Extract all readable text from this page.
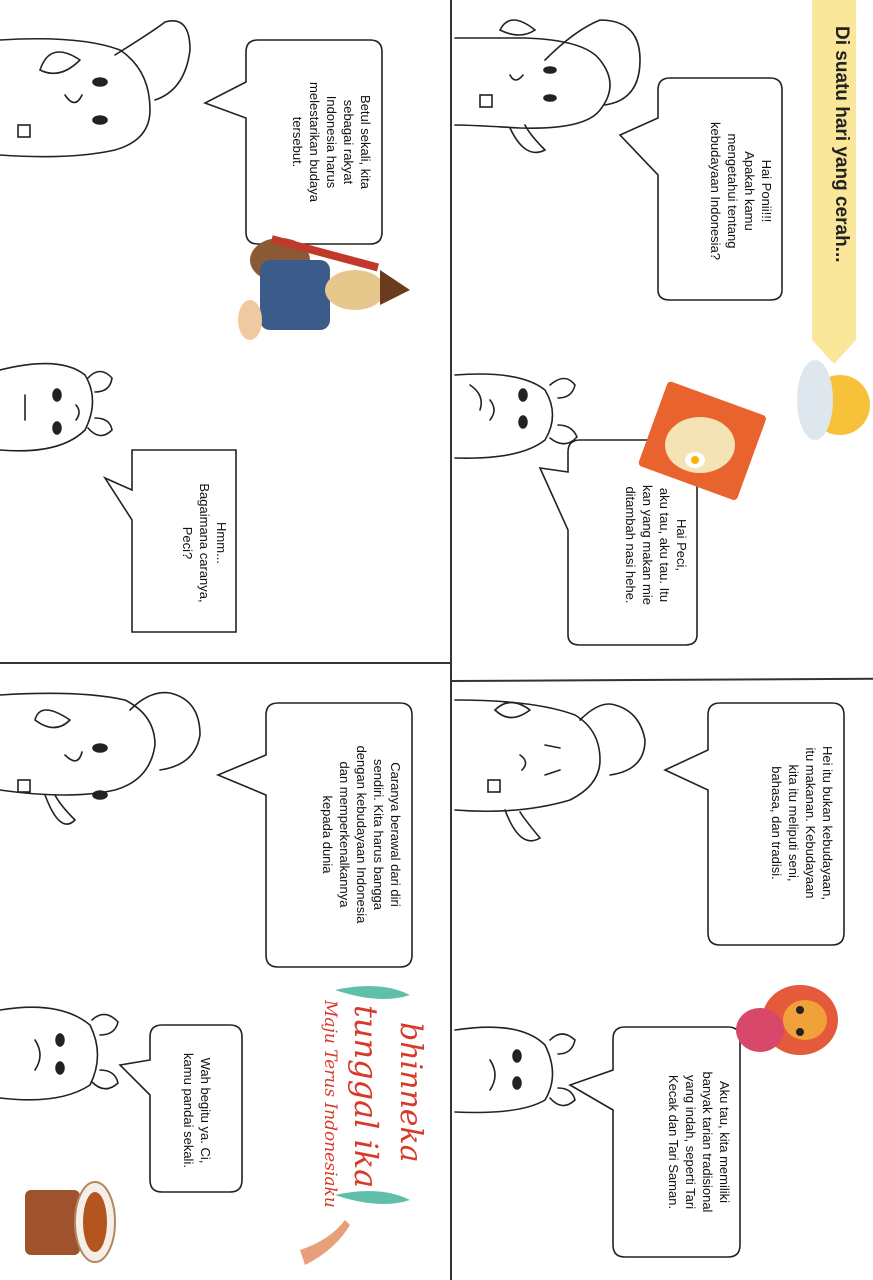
Di suatu hari yang cerah...
Hai Ponii!!!
Apakah kamu
mengetahui tentang
kebudayaan Indonesia?
Hai Peci,
aku tau, aku tau. Itu
kan yang makan mie
ditambah nasi hehe.
Betul sekali, kita
sebagai rakyat
Indonesia harus
melestarikan budaya
tersebut.
Hmm...
Bagaimana caranya,
Peci?
Hei itu bukan kebudayaan,
itu makanan. Kebudayaan
kita itu meliputi seni,
bahasa, dan tradisi.
Aku tau, kita memiliki
banyak tarian tradisional
yang indah, seperti Tari
Kecak dan Tari Saman.
Caranya berawal dari diri
sendiri. Kita harus bangga
dengan kebudayaan Indonesia
dan memperkenalkannya
kepada dunia
Wah begitu ya. Ci,
kamu pandai sekali.	bhinneka
tunggal ika
Maju Terus Indonesiaku
